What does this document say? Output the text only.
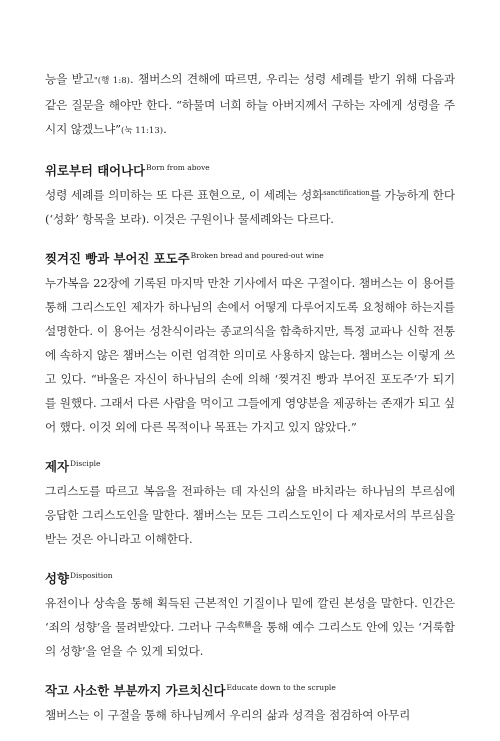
능을 받고"(행 1:8). 챔버스의 견해에 따르면, 우리는 성령 세례를 받기 위해 다음과 같은 질문을 해야만 한다. “하물며 너희 하늘 아버지께서 구하는 자에게 성령을 주시지 않겠느냐”(눅 11:13).

위로부터 태어나다$^{Born from above}$

성령 세례를 의미하는 또 다른 표현으로, 이 세례는 성화$^{sanctification}$를 가능하게 한다(‘성화’ 항목을 보라). 이것은 구원이나 물세례와는 다르다.

찢겨진 빵과 부어진 포도주$^{Broken bread and poured-out wine}$

누가복음 22장에 기록된 마지막 만찬 기사에서 따온 구절이다. 챔버스는 이 용어를 통해 그리스도인 제자가 하나님의 손에서 어떻게 다루어지도록 요청해야 하는지를 설명한다. 이 용어는 성찬식이라는 종교의식을 함축하지만, 특정 교파나 신학 전통에 속하지 않은 챔버스는 이런 엄격한 의미로 사용하지 않는다. 챔버스는 이렇게 쓰고 있다. “바울은 자신이 하나님의 손에 의해 ‘찢겨진 빵과 부어진 포도주’가 되기를 원했다. 그래서 다른 사람을 먹이고 그들에게 영양분을 제공하는 존재가 되고 싶어 했다. 이것 외에 다른 목적이나 목표는 가지고 있지 않았다.”

제자$^{Disciple}$

그리스도를 따르고 복음을 전파하는 데 자신의 삶을 바치라는 하나님의 부르심에 응답한 그리스도인을 말한다. 챔버스는 모든 그리스도인이 다 제자로서의 부르심을 받는 것은 아니라고 이해한다.

성향$^{Disposition}$

유전이나 상속을 통해 획득된 근본적인 기질이나 밑에 깔린 본성을 말한다. 인간은 ‘죄의 성향’을 물려받았다. 그러나 구속$^{救贖}$을 통해 예수 그리스도 안에 있는 ‘거룩함의 성향’을 얻을 수 있게 되었다.

작고 사소한 부분까지 가르치신다$^{Educate down to the scruple}$

챔버스는 이 구절을 통해 하나님께서 우리의 삶과 성격을 점검하여 아무리
